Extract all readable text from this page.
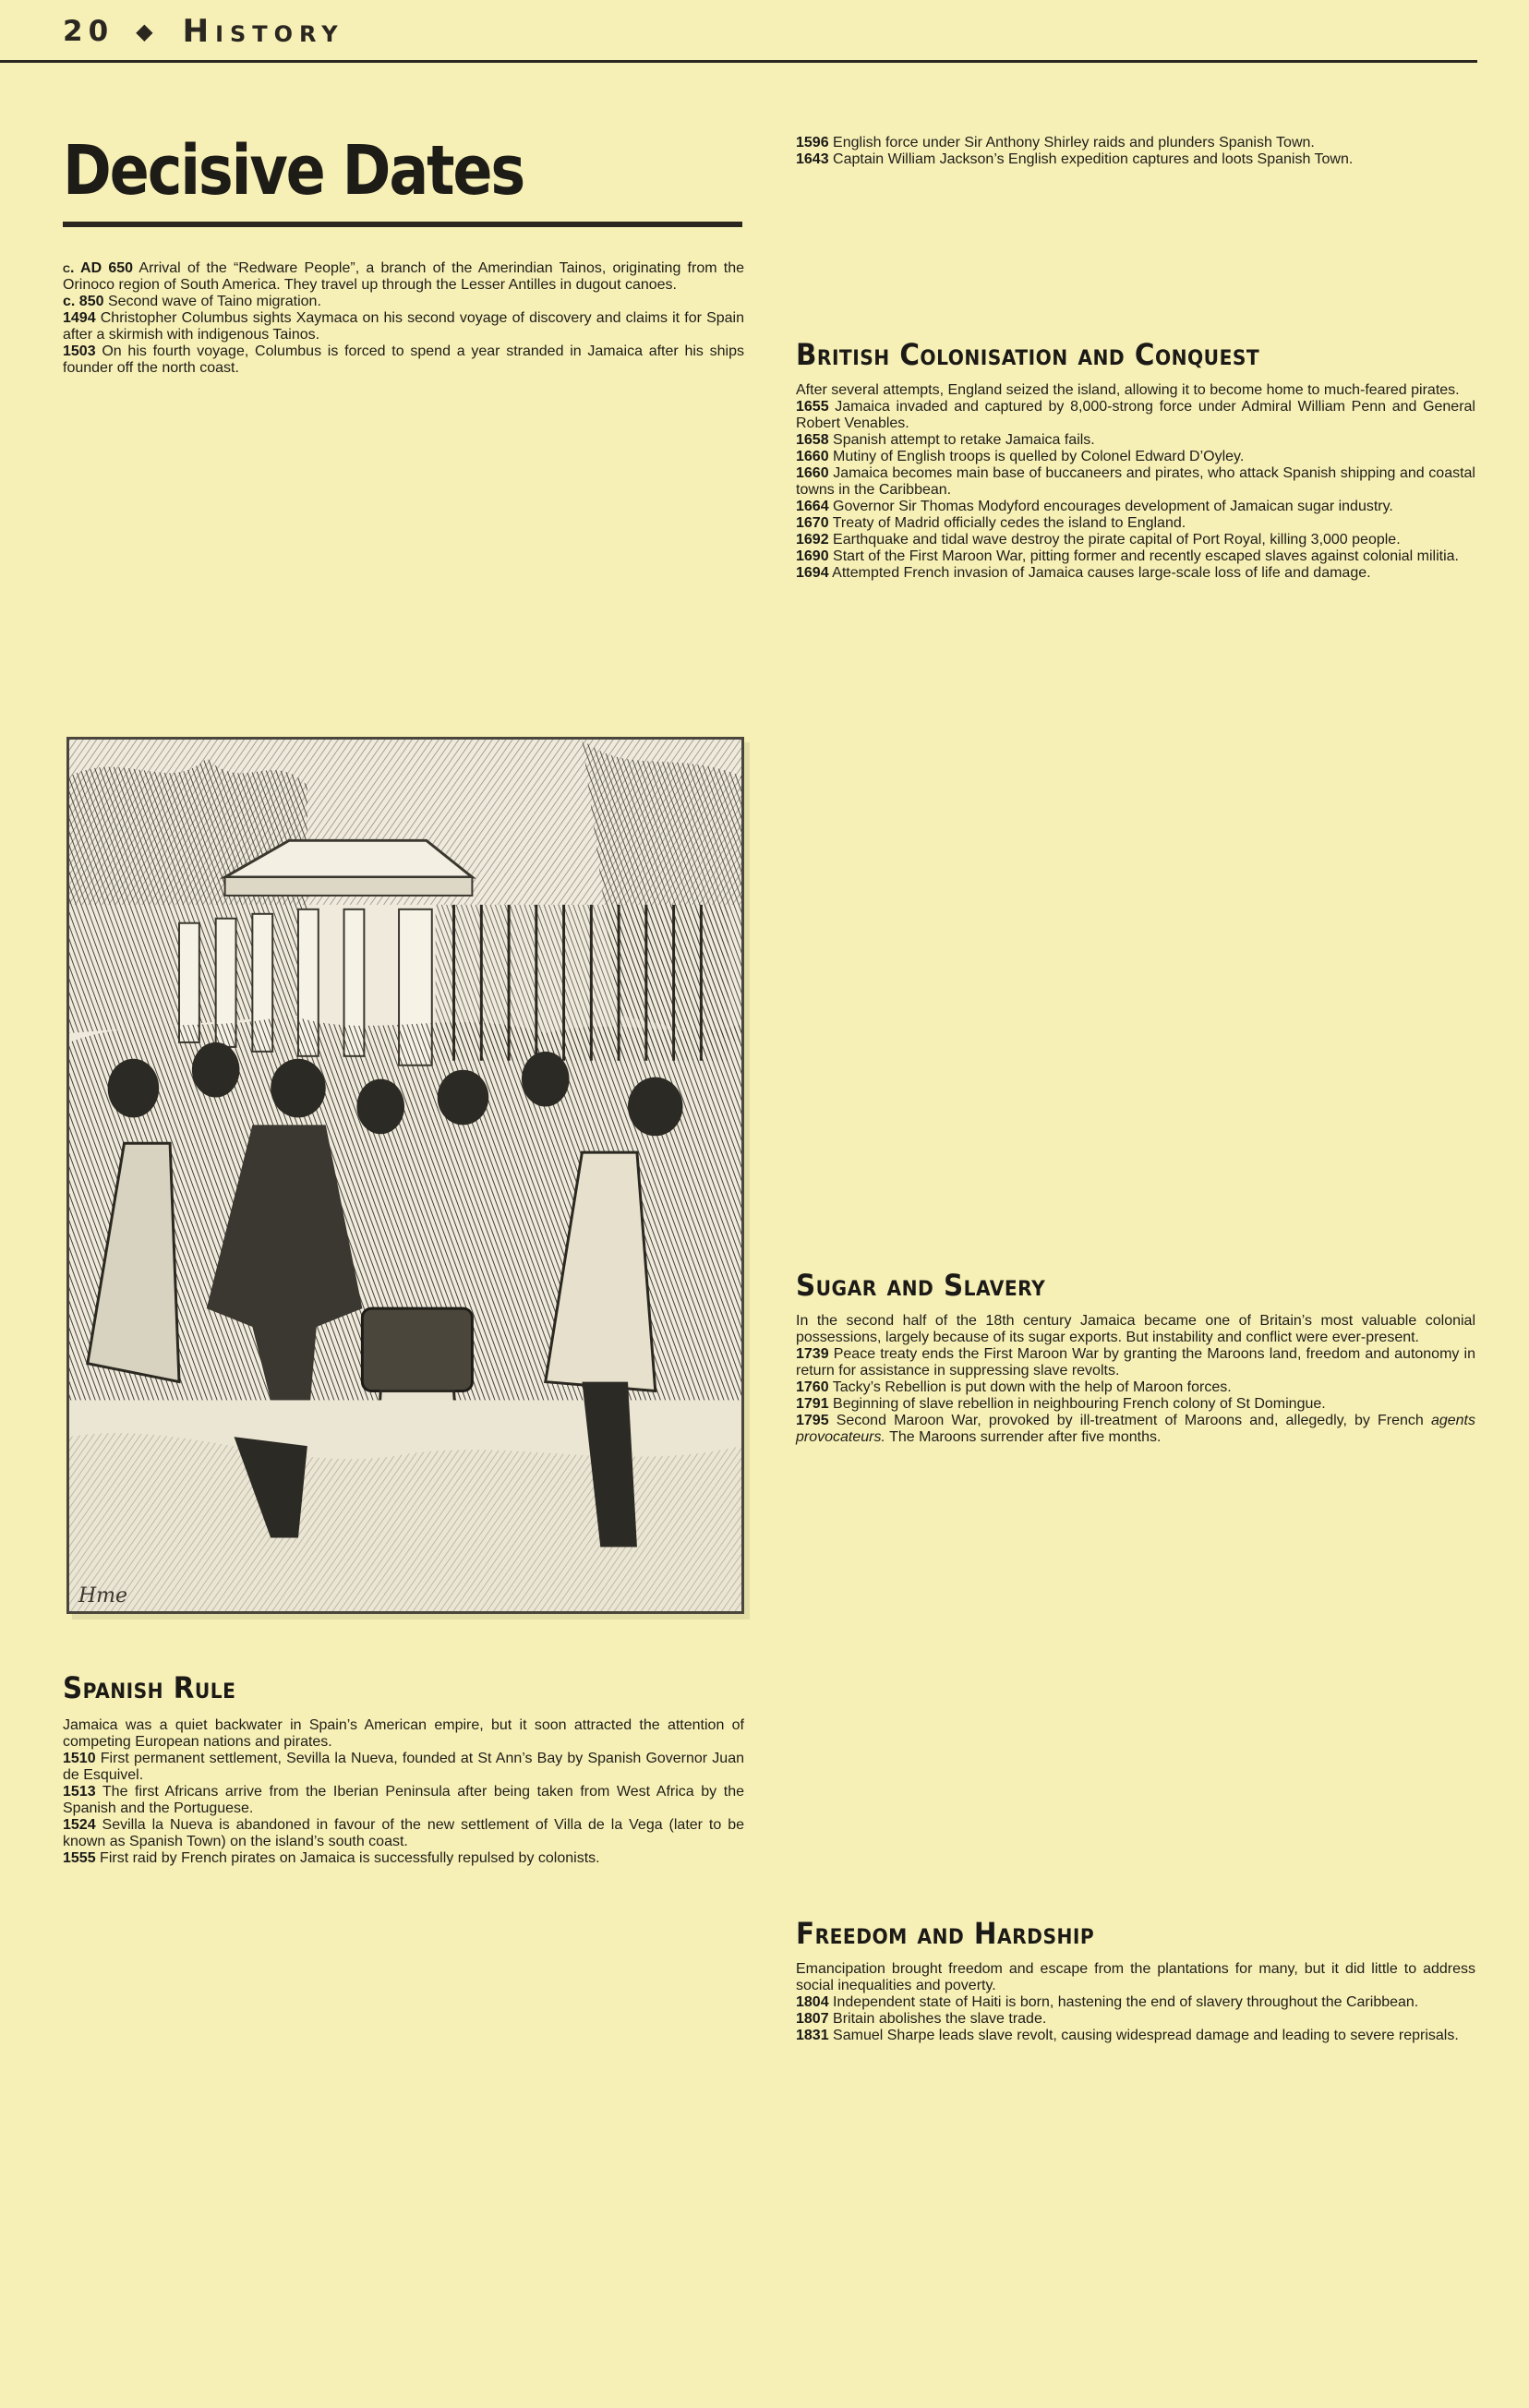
20 ◆ History
Decisive Dates

c. AD 650 Arrival of the “Redware People”, a branch of the Amerindian Tainos, originating from the Orinoco region of South America. They travel up through the Lesser Antilles in dugout canoes.

c. 850 Second wave of Taino migration.

1494 Christopher Columbus sights Xaymaca on his second voyage of discovery and claims it for Spain after a skirmish with indigenous Tainos.

1503 On his fourth voyage, Columbus is forced to spend a year stranded in Jamaica after his ships founder off the north coast.

Hme

Spanish Rule

Jamaica was a quiet backwater in Spain’s American empire, but it soon attracted the attention of competing European nations and pirates.

1510 First permanent settlement, Sevilla la Nueva, founded at St Ann’s Bay by Spanish Governor Juan de Esquivel.

1513 The first Africans arrive from the Iberian Peninsula after being taken from West Africa by the Spanish and the Portuguese.

1524 Sevilla la Nueva is abandoned in favour of the new settlement of Villa de la Vega (later to be known as Spanish Town) on the island’s south coast.

1555 First raid by French pirates on Jamaica is successfully repulsed by colonists.

1596 English force under Sir Anthony Shirley raids and plunders Spanish Town.

1643 Captain William Jackson’s English expedition captures and loots Spanish Town.

British Colonisation and Conquest

After several attempts, England seized the island, allowing it to become home to much-feared pirates.

1655 Jamaica invaded and captured by 8,000-strong force under Admiral William Penn and General Robert Venables.

1658 Spanish attempt to retake Jamaica fails.

1660 Mutiny of English troops is quelled by Colonel Edward D’Oyley.

1660 Jamaica becomes main base of buccaneers and pirates, who attack Spanish shipping and coastal towns in the Caribbean.

1664 Governor Sir Thomas Modyford encourages development of Jamaican sugar industry.

1670 Treaty of Madrid officially cedes the island to England.

1692 Earthquake and tidal wave destroy the pirate capital of Port Royal, killing 3,000 people.

1690 Start of the First Maroon War, pitting former and recently escaped slaves against colonial militia.

1694 Attempted French invasion of Jamaica causes large-scale loss of life and damage.

Sugar and Slavery

In the second half of the 18th century Jamaica became one of Britain’s most valuable colonial possessions, largely because of its sugar exports. But instability and conflict were ever-present.

1739 Peace treaty ends the First Maroon War by granting the Maroons land, freedom and autonomy in return for assistance in suppressing slave revolts.

1760 Tacky’s Rebellion is put down with the help of Maroon forces.

1791 Beginning of slave rebellion in neighbouring French colony of St Domingue.

1795 Second Maroon War, provoked by ill-treatment of Maroons and, allegedly, by French agents provocateurs. The Maroons surrender after five months.

Freedom and Hardship

Emancipation brought freedom and escape from the plantations for many, but it did little to address social inequalities and poverty.

1804 Independent state of Haiti is born, hastening the end of slavery throughout the Caribbean.

1807 Britain abolishes the slave trade.

1831 Samuel Sharpe leads slave revolt, causing widespread damage and leading to severe reprisals.
